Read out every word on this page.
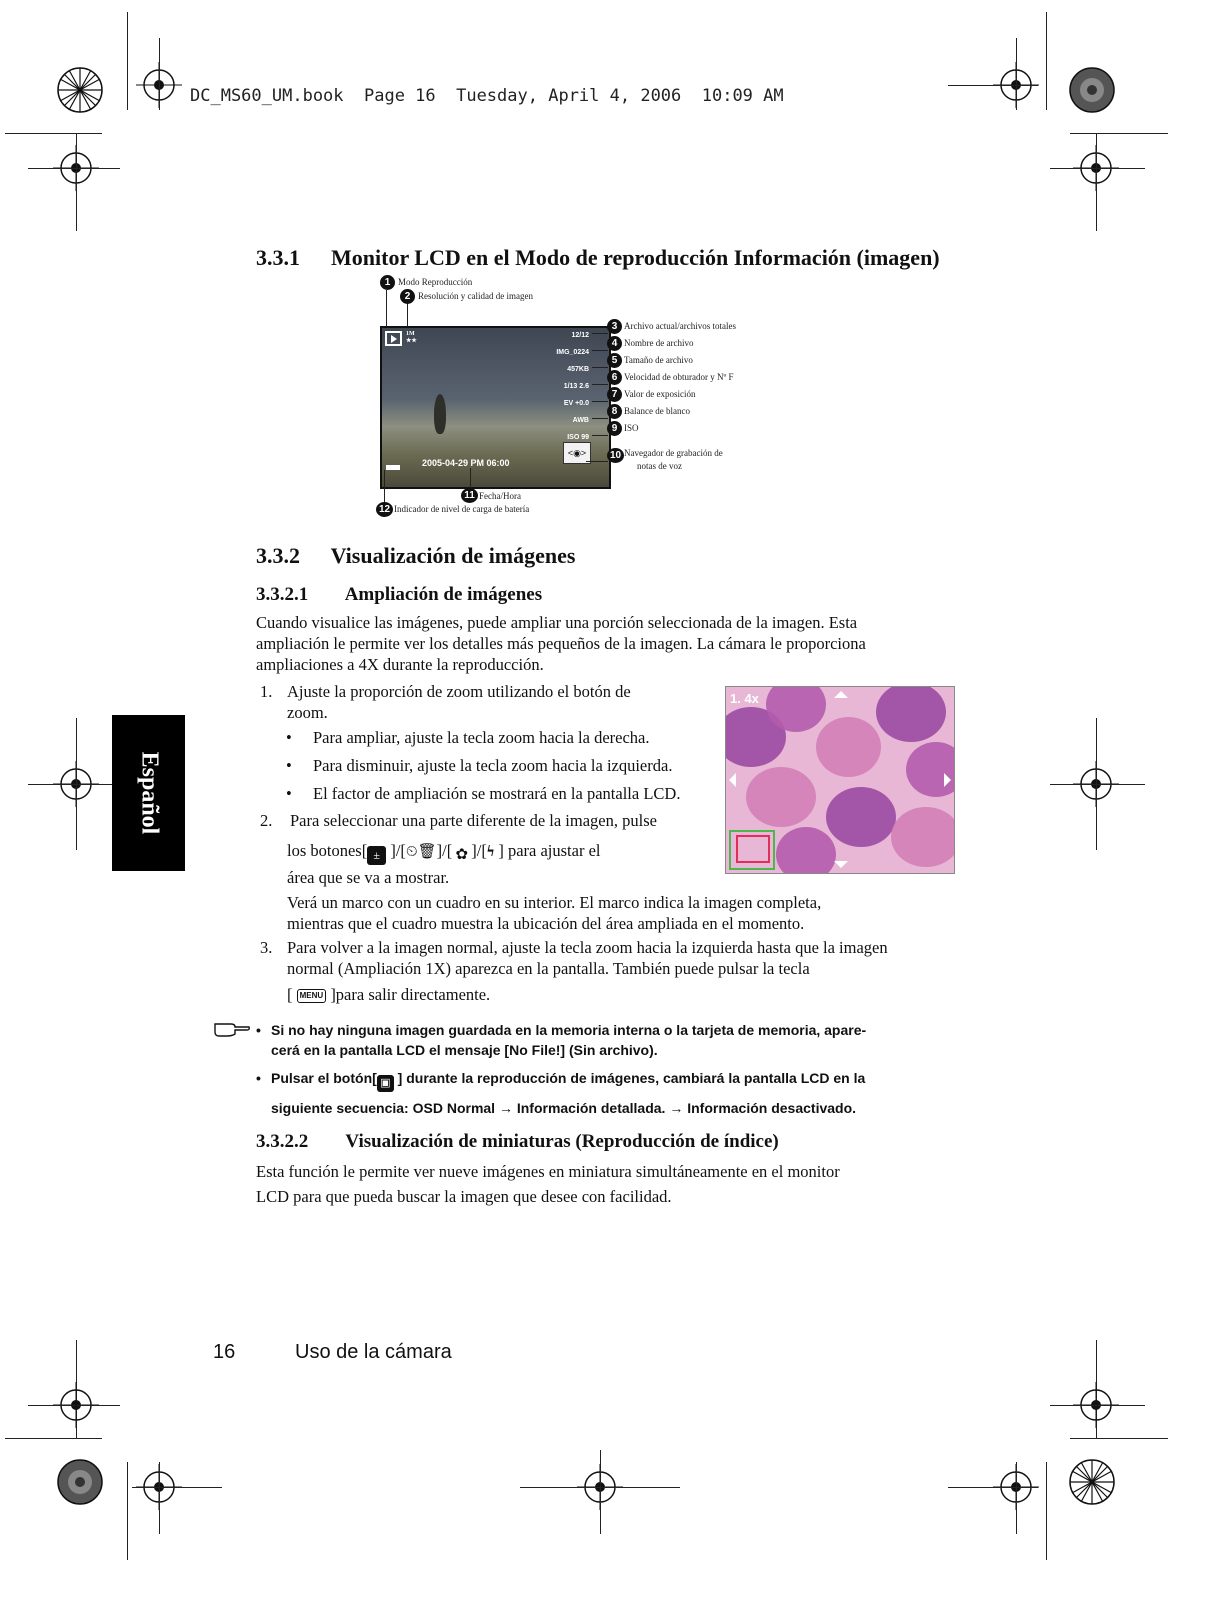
DC_MS60_UM.book  Page 16  Tuesday, April 4, 2006  10:09 AM
Español
3.3.1 Monitor LCD en el Modo de reproducción Información (imagen)
1M
★★
12/12
IMG_0224
457KB
1/13 2.6
EV +0.0
AWB
ISO 99
<◉>
2005-04-29 PM 06:00
1 Modo Reproducción
2 Resolución y calidad de imagen
3 Archivo actual/archivos totales
4 Nombre de archivo
5 Tamaño de archivo
6 Velocidad de obturador y Nº F
7 Valor de exposición
8 Balance de blanco
9 ISO
10 Navegador de grabación de
notas de voz
11 Fecha/Hora
12 Indicador de nivel de carga de batería
3.3.2 Visualización de imágenes
3.3.2.1 Ampliación de imágenes
Cuando visualice las imágenes, puede ampliar una porción seleccionada de la imagen. Esta
ampliación le permite ver los detalles más pequeños de la imagen. La cámara le proporciona
ampliaciones a 4X durante la reproducción.
1. Ajuste la proporción de zoom utilizando el botón de
zoom.
• Para ampliar, ajuste la tecla zoom hacia la derecha.
• Para disminuir, ajuste la tecla zoom hacia la izquierda.
• El factor de ampliación se mostrará en la pantalla LCD.
2. Para seleccionar una parte diferente de la imagen, pulse
los botones[ ± ]/[⏲🗑]/[ ✿ ]/[ϟ ] para ajustar el
área que se va a mostrar.
Verá un marco con un cuadro en su interior. El marco indica la imagen completa,
mientras que el cuadro muestra la ubicación del área ampliada en el momento.
3. Para volver a la imagen normal, ajuste la tecla zoom hacia la izquierda hasta que la imagen
normal (Ampliación 1X) aparezca en la pantalla. También puede pulsar la tecla
[ MENU ]para salir directamente.
1. 4x
• Si no hay ninguna imagen guardada en la memoria interna o la tarjeta de memoria, apare-
cerá en la pantalla LCD el mensaje [No File!] (Sin archivo).
• Pulsar el botón[ ▣ ] durante la reproducción de imágenes, cambiará la pantalla LCD en la
siguiente secuencia: OSD Normal → Información detallada. → Información desactivado.
3.3.2.2 Visualización de miniaturas (Reproducción de índice)
Esta función le permite ver nueve imágenes en miniatura simultáneamente en el monitor
LCD para que pueda buscar la imagen que desee con facilidad.
16	Uso de la cámara
